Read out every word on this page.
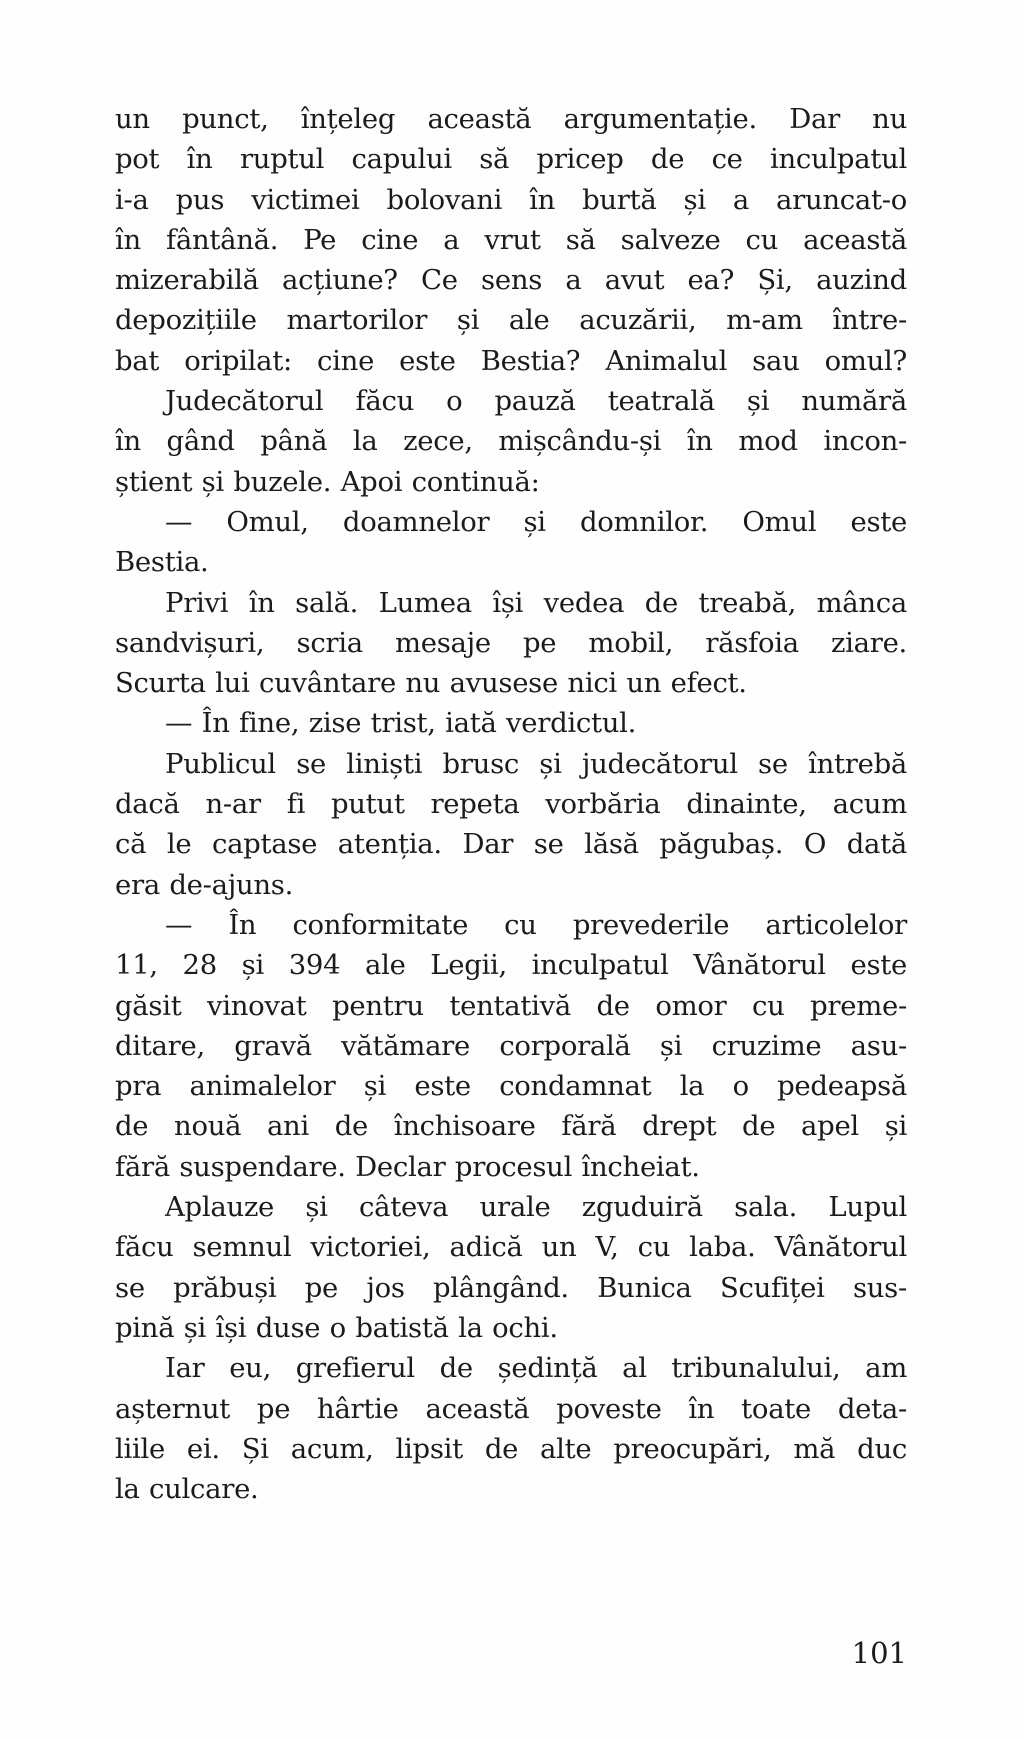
un punct, înțeleg această argumentație. Dar nu
pot în ruptul capului să pricep de ce inculpatul
i-a pus victimei bolovani în burtă și a aruncat-o
în fântână. Pe cine a vrut să salveze cu această
mizerabilă acțiune? Ce sens a avut ea? Și, auzind
depozițiile martorilor și ale acuzării, m-am între-
bat oripilat: cine este Bestia? Animalul sau omul?
Judecătorul făcu o pauză teatrală și numără
în gând până la zece, mișcându-și în mod incon-
știent și buzele. Apoi continuă:
— Omul, doamnelor și domnilor. Omul este
Bestia.
Privi în sală. Lumea își vedea de treabă, mânca
sandvișuri, scria mesaje pe mobil, răsfoia ziare.
Scurta lui cuvântare nu avusese nici un efect.
— În fine, zise trist, iată verdictul.
Publicul se liniști brusc și judecătorul se întrebă
dacă n-ar fi putut repeta vorbăria dinainte, acum
că le captase atenția. Dar se lăsă păgubaș. O dată
era de-ajuns.
— În conformitate cu prevederile articolelor
11, 28 și 394 ale Legii, inculpatul Vânătorul este
găsit vinovat pentru tentativă de omor cu preme-
ditare, gravă vătămare corporală și cruzime asu-
pra animalelor și este condamnat la o pedeapsă
de nouă ani de închisoare fără drept de apel și
fără suspendare. Declar procesul încheiat.
Aplauze și câteva urale zguduiră sala. Lupul
făcu semnul victoriei, adică un V, cu laba. Vânătorul
se prăbuși pe jos plângând. Bunica Scufiței sus-
pină și își duse o batistă la ochi.
Iar eu, grefierul de ședință al tribunalului, am
așternut pe hârtie această poveste în toate deta-
liile ei. Și acum, lipsit de alte preocupări, mă duc
la culcare.
101
